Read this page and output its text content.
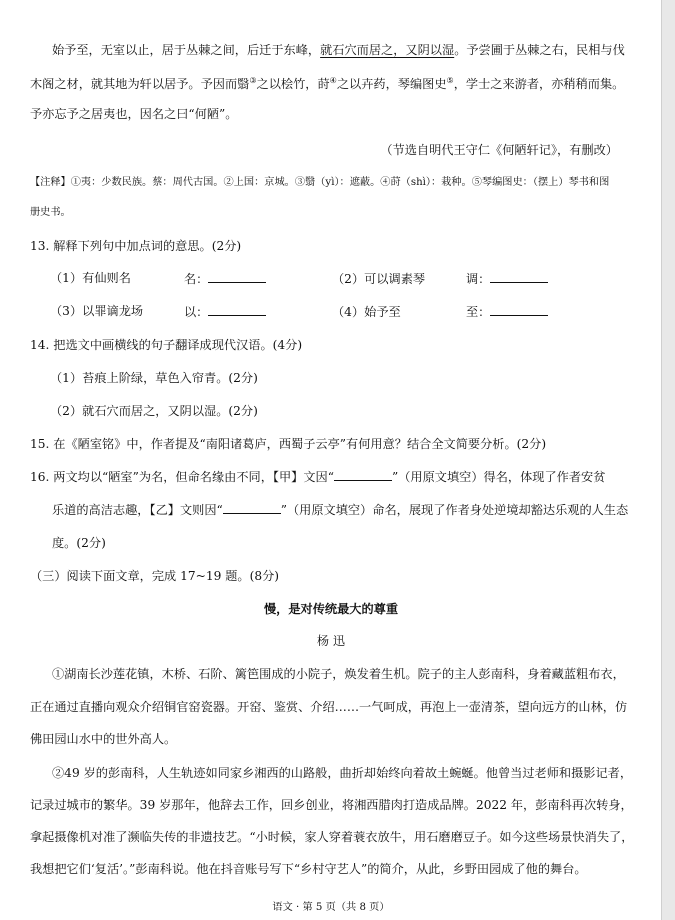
始予至，无室以止，居于丛棘之间，后迁于东峰，就石穴而居之，又阴以湿。予尝圃于丛棘之右，民相与伐
木阁之材，就其地为轩以居予。予因而翳③之以桧竹，莳④之以卉药，琴编图史⑤，学士之来游者，亦稍稍而集。
予亦忘予之居夷也，因名之曰“何陋”。
（节选自明代王守仁《何陋轩记》，有删改）
【注释】①夷：少数民族。蔡：周代古国。②上国：京城。③翳（yì）：遮蔽。④莳（shì）：栽种。⑤琴编图史：（摆上）琴书和图
册史书。
13. 解释下列句中加点词的意思。(2分)
（1）有仙则名	名：	（2）可以调素琴	调：
（3）以罪谪龙场	以：	（4）始予至	至：
14. 把选文中画横线的句子翻译成现代汉语。(4分)
（1）苔痕上阶绿，草色入帘青。(2分)
（2）就石穴而居之，又阴以湿。(2分)
15. 在《陋室铭》中，作者提及“南阳诸葛庐，西蜀子云亭”有何用意？结合全文简要分析。(2分)
16. 两文均以“陋室”为名，但命名缘由不同，【甲】文因“	”（用原文填空）得名，体现了作者安贫
乐道的高洁志趣，【乙】文则因“	”（用原文填空）命名，展现了作者身处逆境却豁达乐观的人生态
度。(2分)
（三）阅读下面文章，完成 17~19 题。(8分)
慢，是对传统最大的尊重
杨 迅
①湖南长沙莲花镇，木桥、石阶、篱笆围成的小院子，焕发着生机。院子的主人彭南科，身着藏蓝粗布衣，
正在通过直播向观众介绍铜官窑瓷器。开窑、鉴赏、介绍……一气呵成，再泡上一壶清茶，望向远方的山林，仿
佛田园山水中的世外高人。
②49 岁的彭南科，人生轨迹如同家乡湘西的山路般，曲折却始终向着故土蜿蜒。他曾当过老师和摄影记者，
记录过城市的繁华。39 岁那年，他辞去工作，回乡创业，将湘西腊肉打造成品牌。2022 年，彭南科再次转身，
拿起摄像机对准了濒临失传的非遗技艺。“小时候，家人穿着蓑衣放牛，用石磨磨豆子。如今这些场景快消失了，
我想把它们‘复活’。”彭南科说。他在抖音账号写下“乡村守艺人”的简介，从此，乡野田园成了他的舞台。
语文 · 第 5 页（共 8 页）
